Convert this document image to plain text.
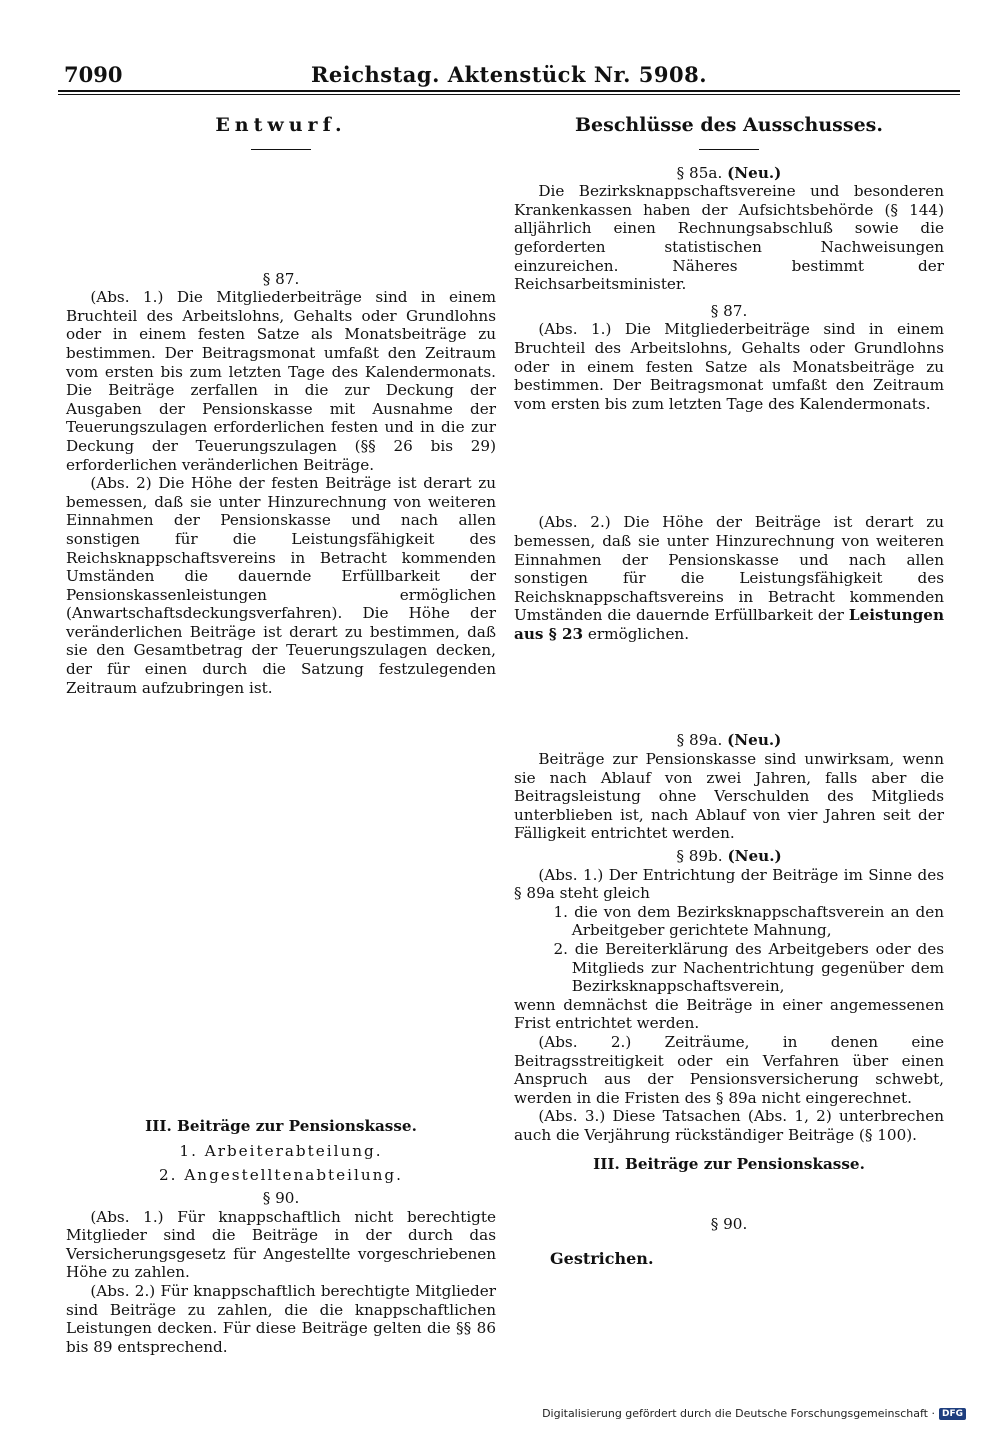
7090	Reichstag. Aktenstück Nr. 5908.
Entwurf.

§ 87.

(Abs. 1.) Die Mitgliederbeiträge sind in einem Bruchteil des Arbeitslohns, Gehalts oder Grundlohns oder in einem festen Satze als Monatsbeiträge zu bestimmen. Der Beitragsmonat umfaßt den Zeitraum vom ersten bis zum letzten Tage des Kalendermonats. Die Beiträge zerfallen in die zur Deckung der Ausgaben der Pensionskasse mit Ausnahme der Teuerungszulagen erforderlichen festen und in die zur Deckung der Teuerungszulagen (§§ 26 bis 29) erforderlichen veränderlichen Beiträge.

(Abs. 2) Die Höhe der festen Beiträge ist derart zu bemessen, daß sie unter Hinzurechnung von weiteren Einnahmen der Pensionskasse und nach allen sonstigen für die Leistungsfähigkeit des Reichsknappschaftsvereins in Betracht kommenden Umständen die dauernde Erfüllbarkeit der Pensionskassenleistungen ermöglichen (Anwartschaftsdeckungsverfahren). Die Höhe der veränderlichen Beiträge ist derart zu bestimmen, daß sie den Gesamtbetrag der Teuerungszulagen decken, der für einen durch die Satzung festzulegenden Zeitraum aufzubringen ist.

III. Beiträge zur Pensionskasse.

1. Arbeiterabteilung.

2. Angestelltenabteilung.

§ 90.

(Abs. 1.) Für knappschaftlich nicht berechtigte Mitglieder sind die Beiträge in der durch das Versicherungsgesetz für Angestellte vorgeschriebenen Höhe zu zahlen.

(Abs. 2.) Für knappschaftlich berechtigte Mitglieder sind Beiträge zu zahlen, die die knappschaftlichen Leistungen decken. Für diese Beiträge gelten die §§ 86 bis 89 entsprechend.

Beschlüsse des Ausschusses.

§ 85a. (Neu.)

Die Bezirksknappschaftsvereine und besonderen Krankenkassen haben der Aufsichtsbehörde (§ 144) alljährlich einen Rechnungsabschluß sowie die geforderten statistischen Nachweisungen einzureichen. Näheres bestimmt der Reichsarbeitsminister.

§ 87.

(Abs. 1.) Die Mitgliederbeiträge sind in einem Bruchteil des Arbeitslohns, Gehalts oder Grundlohns oder in einem festen Satze als Monatsbeiträge zu bestimmen. Der Beitragsmonat umfaßt den Zeitraum vom ersten bis zum letzten Tage des Kalendermonats.

(Abs. 2.) Die Höhe der Beiträge ist derart zu bemessen, daß sie unter Hinzurechnung von weiteren Einnahmen der Pensionskasse und nach allen sonstigen für die Leistungsfähigkeit des Reichsknappschaftsvereins in Betracht kommenden Umständen die dauernde Erfüllbarkeit der Leistungen aus § 23 ermöglichen.

§ 89a. (Neu.)

Beiträge zur Pensionskasse sind unwirksam, wenn sie nach Ablauf von zwei Jahren, falls aber die Beitragsleistung ohne Verschulden des Mitglieds unterblieben ist, nach Ablauf von vier Jahren seit der Fälligkeit entrichtet werden.

§ 89b. (Neu.)

(Abs. 1.) Der Entrichtung der Beiträge im Sinne des § 89a steht gleich

1. die von dem Bezirksknappschaftsverein an den Arbeitgeber gerichtete Mahnung,

2. die Bereiterklärung des Arbeitgebers oder des Mitglieds zur Nachentrichtung gegenüber dem Bezirksknappschaftsverein,

wenn demnächst die Beiträge in einer angemessenen Frist entrichtet werden.

(Abs. 2.) Zeiträume, in denen eine Beitragsstreitigkeit oder ein Verfahren über einen Anspruch aus der Pensionsversicherung schwebt, werden in die Fristen des § 89a nicht eingerechnet.

(Abs. 3.) Diese Tatsachen (Abs. 1, 2) unterbrechen auch die Verjährung rückständiger Beiträge (§ 100).

III. Beiträge zur Pensionskasse.

§ 90.

Gestrichen.

Digitalisierung gefördert durch die Deutsche Forschungsgemeinschaft · DFG
